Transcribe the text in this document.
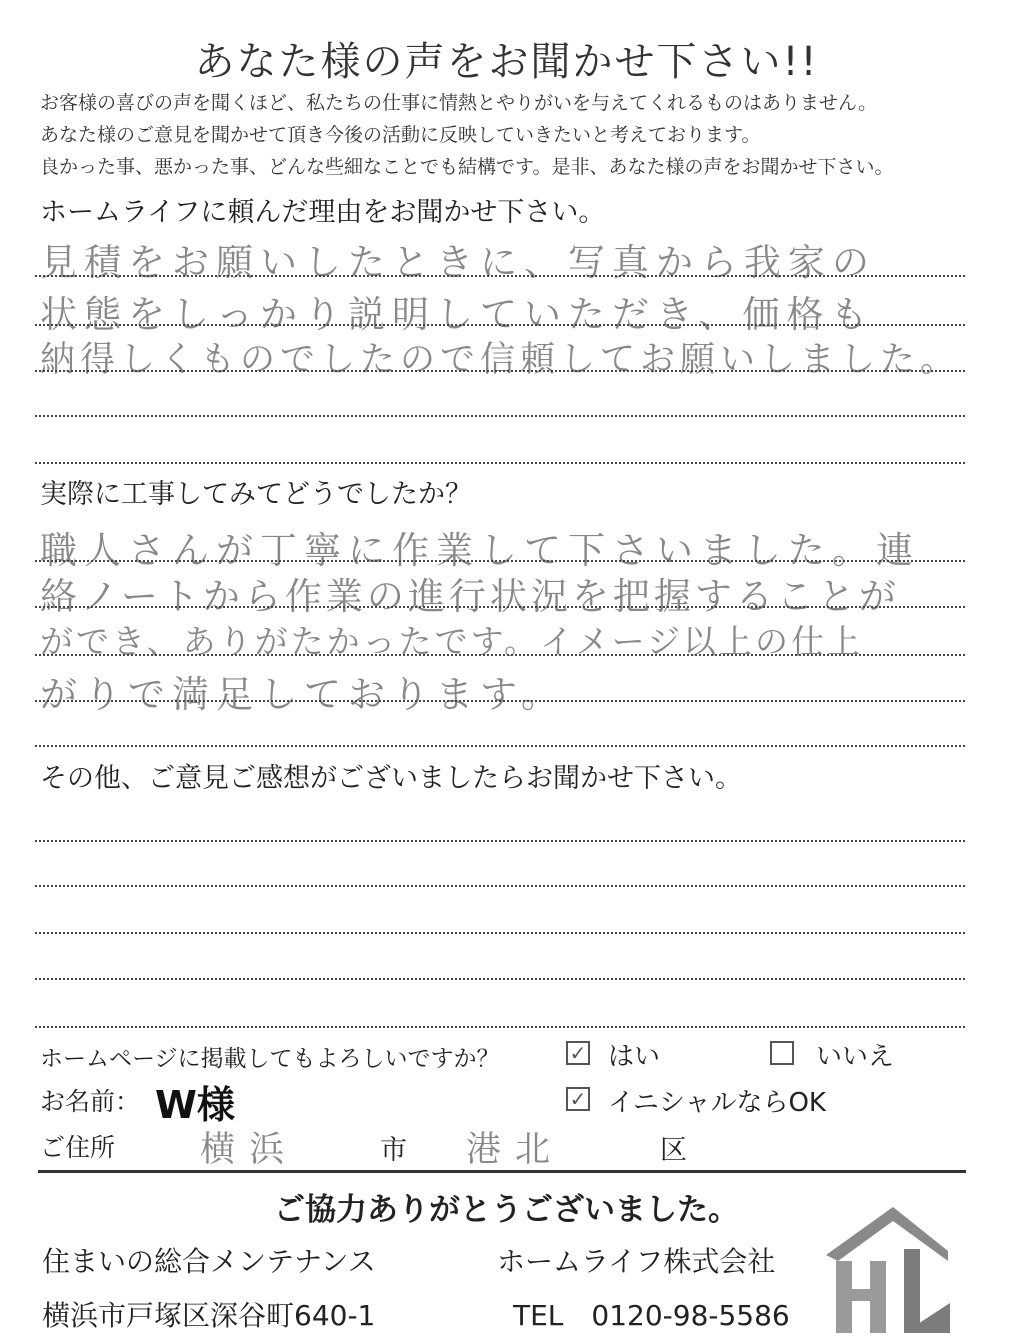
あなた様の声をお聞かせ下さい!!
お客様の喜びの声を聞くほど、私たちの仕事に情熱とやりがいを与えてくれるものはありません。
あなた様のご意見を聞かせて頂き今後の活動に反映していきたいと考えております。
良かった事、悪かった事、どんな些細なことでも結構です。是非、あなた様の声をお聞かせ下さい。
ホームライフに頼んだ理由をお聞かせ下さい。
見積をお願いしたときに、写真から我家の
状態をしっかり説明していただき、価格も
納得しくものでしたので信頼してお願いしました。
実際に工事してみてどうでしたか？
職人さんが丁寧に作業して下さいました。連
絡ノートから作業の進行状況を把握することが
ができ、ありがたかったです。イメージ以上の仕上
がりで満足しております。
その他、ご意見ご感想がございましたらお聞かせ下さい。
ホームページに掲載してもよろしいですか？	✓ はい	いいえ
✓ イニシャルならOK
お名前： W様
ご住所 横浜	市 港北	区
ご協力ありがとうございました。
住まいの総合メンテナンス	ホームライフ株式会社
横浜市戸塚区深谷町640-1	TEL　0120-98-5586
